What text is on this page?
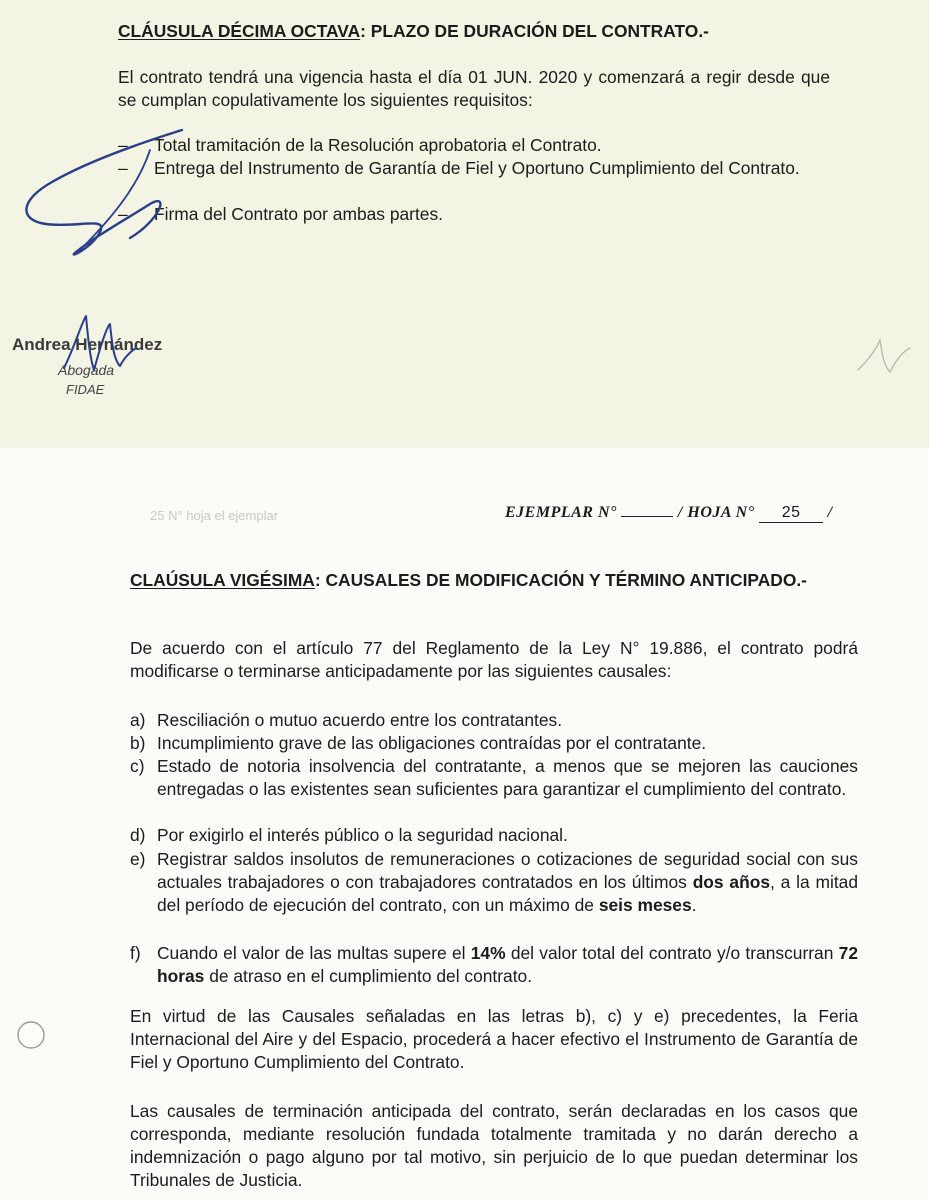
CLÁUSULA DÉCIMA OCTAVA: PLAZO DE DURACIÓN DEL CONTRATO.-
El contrato tendrá una vigencia hasta el día 01 JUN. 2020 y comenzará a regir desde que se cumplan copulativamente los siguientes requisitos:
– Total tramitación de la Resolución aprobatoria el Contrato.
– Entrega del Instrumento de Garantía de Fiel y Oportuno Cumplimiento del Contrato.
– Firma del Contrato por ambas partes.
Andrea Hernández
Abogada
FIDAE
25 N° hoja el ejemplar	EJEMPLAR N°	/ HOJA N° 25 /
CLAÚSULA VIGÉSIMA: CAUSALES DE MODIFICACIÓN Y TÉRMINO ANTICIPADO.-
De acuerdo con el artículo 77 del Reglamento de la Ley N° 19.886, el contrato podrá modificarse o terminarse anticipadamente por las siguientes causales:
a) Resciliación o mutuo acuerdo entre los contratantes.
b) Incumplimiento grave de las obligaciones contraídas por el contratante.
c) Estado de notoria insolvencia del contratante, a menos que se mejoren las cauciones entregadas o las existentes sean suficientes para garantizar el cumplimiento del contrato.
d) Por exigirlo el interés público o la seguridad nacional.
e) Registrar saldos insolutos de remuneraciones o cotizaciones de seguridad social con sus actuales trabajadores o con trabajadores contratados en los últimos dos años, a la mitad del período de ejecución del contrato, con un máximo de seis meses.
f) Cuando el valor de las multas supere el 14% del valor total del contrato y/o transcurran 72 horas de atraso en el cumplimiento del contrato.
En virtud de las Causales señaladas en las letras b), c) y e) precedentes, la Feria Internacional del Aire y del Espacio, procederá a hacer efectivo el Instrumento de Garantía de Fiel y Oportuno Cumplimiento del Contrato.
Las causales de terminación anticipada del contrato, serán declaradas en los casos que corresponda, mediante resolución fundada totalmente tramitada y no darán derecho a indemnización o pago alguno por tal motivo, sin perjuicio de lo que puedan determinar los Tribunales de Justicia.
